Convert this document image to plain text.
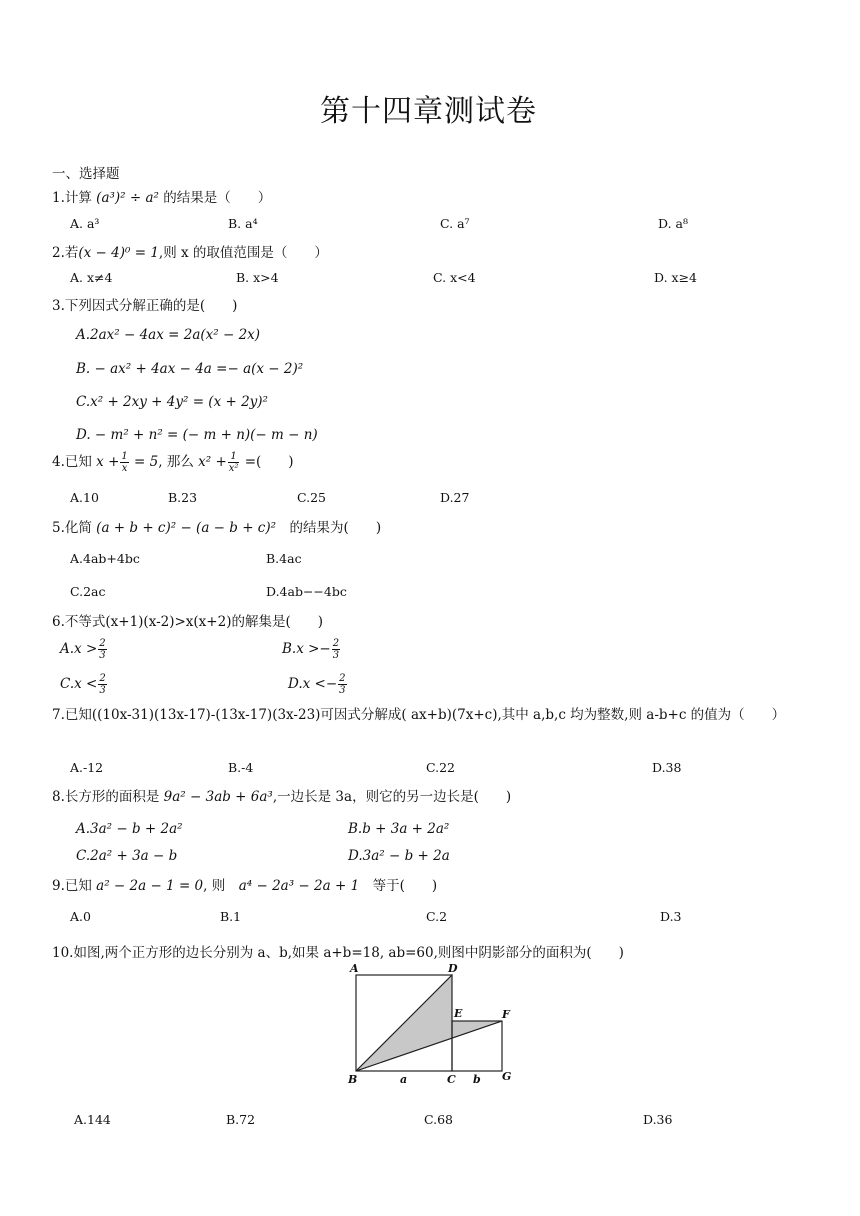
第十四章测试卷
一、选择题
1.计算 (a³)² ÷ a² 的结果是（　　）
A. a³	B. a⁴	C. a⁷	D. a⁸
2.若(x − 4)⁰ = 1,则 x 的取值范围是（　　）
A. x≠4	B. x>4	C. x<4	D. x≥4
3.下列因式分解正确的是(　　)
A.2ax² − 4ax = 2a(x² − 2x)
B. − ax² + 4ax − 4a =− a(x − 2)²
C.x² + 2xy + 4y² = (x + 2y)²
D. − m² + n² = (− m + n)(− m − n)
4.已知 $x + \frac{1}{x} = 5$, 那么 $x^2 + \frac{1}{\text{x²}}$ =(　　)
A.10	B.23	C.25	D.27
5.化简 (a + b + c)² − (a − b + c)²　的结果为(　　)
A.4ab+4bc	B.4ac
C.2ac	D.4ab−−4bc
6.不等式(x+1)(x-2)>x(x+2)的解集是(　　)
$A.x > \frac{2}{3}$	$B.x >- \frac{2}{3}$
$C.x < \frac{2}{3}$	$D.x <- \frac{2}{3}$
7.已知((10x-31)(13x-17)-(13x-17)(3x-23)可因式分解成( ax+b)(7x+c),其中 a,b,c 均为整数,则 a-b+c 的值为（　　）
A.-12	B.-4	C.22	D.38
8.长方形的面积是 9a² − 3ab + 6a³,一边长是 3a，则它的另一边长是(　　)
A.3a² − b + 2a²	B.b + 3a + 2a²
C.2a² + 3a − b	D.3a² − b + 2a
9.已知 a² − 2a − 1 = 0, 则　a⁴ − 2a³ − 2a + 1　等于(　　)
A.0	B.1	C.2	D.3
10.如图,两个正方形的边长分别为 a、b,如果 a+b=18, ab=60,则图中阴影部分的面积为(　　)
A	D
E	F
B	a	C b G
A.144	B.72	C.68	D.36
